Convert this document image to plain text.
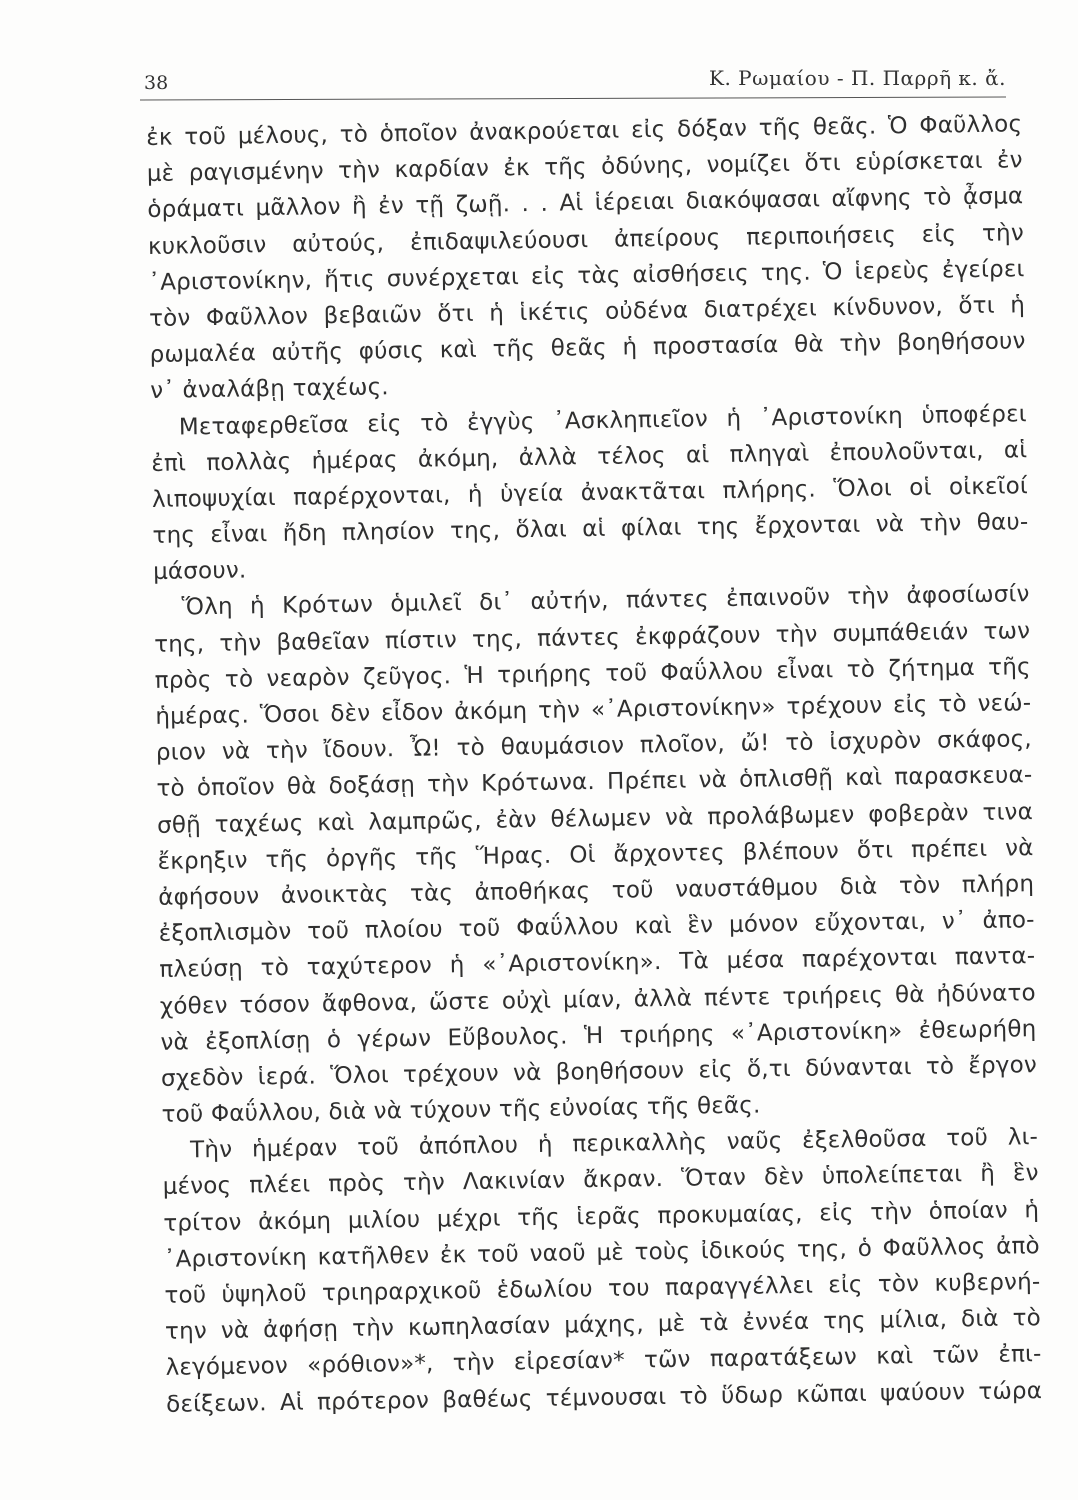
38	Κ. Ρωμαίου - Π. Παρρῆ κ. ἄ.
ἐκ τοῦ μέλους, τὸ ὁποῖον ἀνακρούεται εἰς δόξαν τῆς θεᾶς. Ὁ Φαῦλλος
μὲ ραγισμένην τὴν καρδίαν ἐκ τῆς ὀδύνης, νομίζει ὅτι εὑρίσκεται ἐν
ὁράματι μᾶλλον ἢ ἐν τῇ ζωῇ. . . Αἱ ἱέρειαι διακόψασαι αἴφνης τὸ ᾆσμα
κυκλοῦσιν αὐτούς, ἐπιδαψιλεύουσι ἀπείρους περιποιήσεις εἰς τὴν
᾿Αριστονίκην, ἥτις συνέρχεται εἰς τὰς αἰσθήσεις της. Ὁ ἱερεὺς ἐγείρει
τὸν Φαῦλλον βεβαιῶν ὅτι ἡ ἱκέτις οὐδένα διατρέχει κίνδυνον, ὅτι ἡ
ρωμαλέα αὐτῆς φύσις καὶ τῆς θεᾶς ἡ προστασία θὰ τὴν βοηθήσουν
ν᾿ ἀναλάβῃ ταχέως.
Μεταφερθεῖσα εἰς τὸ ἐγγὺς ᾿Ασκληπιεῖον ἡ ᾿Αριστονίκη ὑποφέρει
ἐπὶ πολλὰς ἡμέρας ἀκόμη, ἀλλὰ τέλος αἱ πληγαὶ ἐπουλοῦνται, αἱ
λιποψυχίαι παρέρχονται, ἡ ὑγεία ἀνακτᾶται πλήρης. Ὅλοι οἱ οἰκεῖοί
της εἶναι ἤδη πλησίον της, ὅλαι αἱ φίλαι της ἔρχονται νὰ τὴν θαυ-
μάσουν.
Ὅλη ἡ Κρότων ὁμιλεῖ δι᾿ αὐτήν, πάντες ἐπαινοῦν τὴν ἀφοσίωσίν
της, τὴν βαθεῖαν πίστιν της, πάντες ἐκφράζουν τὴν συμπάθειάν των
πρὸς τὸ νεαρὸν ζεῦγος. Ἡ τριήρης τοῦ Φαΰλλου εἶναι τὸ ζήτημα τῆς
ἡμέρας. Ὅσοι δὲν εἶδον ἀκόμη τὴν «᾿Αριστονίκην» τρέχουν εἰς τὸ νεώ-
ριον νὰ τὴν ἴδουν. Ὦ! τὸ θαυμάσιον πλοῖον, ὤ! τὸ ἰσχυρὸν σκάφος,
τὸ ὁποῖον θὰ δοξάσῃ τὴν Κρότωνα. Πρέπει νὰ ὁπλισθῇ καὶ παρασκευα-
σθῇ ταχέως καὶ λαμπρῶς, ἐὰν θέλωμεν νὰ προλάβωμεν φοβερὰν τινα
ἔκρηξιν τῆς ὀργῆς τῆς Ἥρας. Οἱ ἄρχοντες βλέπουν ὅτι πρέπει νὰ
ἀφήσουν ἀνοικτὰς τὰς ἀποθήκας τοῦ ναυστάθμου διὰ τὸν πλήρη
ἐξοπλισμὸν τοῦ πλοίου τοῦ Φαΰλλου καὶ ἓν μόνον εὔχονται, ν᾿ ἀπο-
πλεύσῃ τὸ ταχύτερον ἡ «᾿Αριστονίκη». Τὰ μέσα παρέχονται παντα-
χόθεν τόσον ἄφθονα, ὥστε οὐχὶ μίαν, ἀλλὰ πέντε τριήρεις θὰ ἠδύνατο
νὰ ἐξοπλίσῃ ὁ γέρων Εὔβουλος. Ἡ τριήρης «᾿Αριστονίκη» ἐθεωρήθη
σχεδὸν ἱερά. Ὅλοι τρέχουν νὰ βοηθήσουν εἰς ὅ,τι δύνανται τὸ ἔργον
τοῦ Φαΰλλου, διὰ νὰ τύχουν τῆς εὐνοίας τῆς θεᾶς.
Τὴν ἡμέραν τοῦ ἀπόπλου ἡ περικαλλὴς ναῦς ἐξελθοῦσα τοῦ λι-
μένος πλέει πρὸς τὴν Λακινίαν ἄκραν. Ὅταν δὲν ὑπολείπεται ἢ ἓν
τρίτον ἀκόμη μιλίου μέχρι τῆς ἱερᾶς προκυμαίας, εἰς τὴν ὁποίαν ἡ
᾿Αριστονίκη κατῆλθεν ἐκ τοῦ ναοῦ μὲ τοὺς ἰδικούς της, ὁ Φαῦλλος ἀπὸ
τοῦ ὑψηλοῦ τριηραρχικοῦ ἑδωλίου του παραγγέλλει εἰς τὸν κυβερνή-
την νὰ ἀφήσῃ τὴν κωπηλασίαν μάχης, μὲ τὰ ἐννέα της μίλια, διὰ τὸ
λεγόμενον «ρόθιον»*, τὴν εἰρεσίαν* τῶν παρατάξεων καὶ τῶν ἐπι-
δείξεων. Αἱ πρότερον βαθέως τέμνουσαι τὸ ὕδωρ κῶπαι ψαύουν τώρα
